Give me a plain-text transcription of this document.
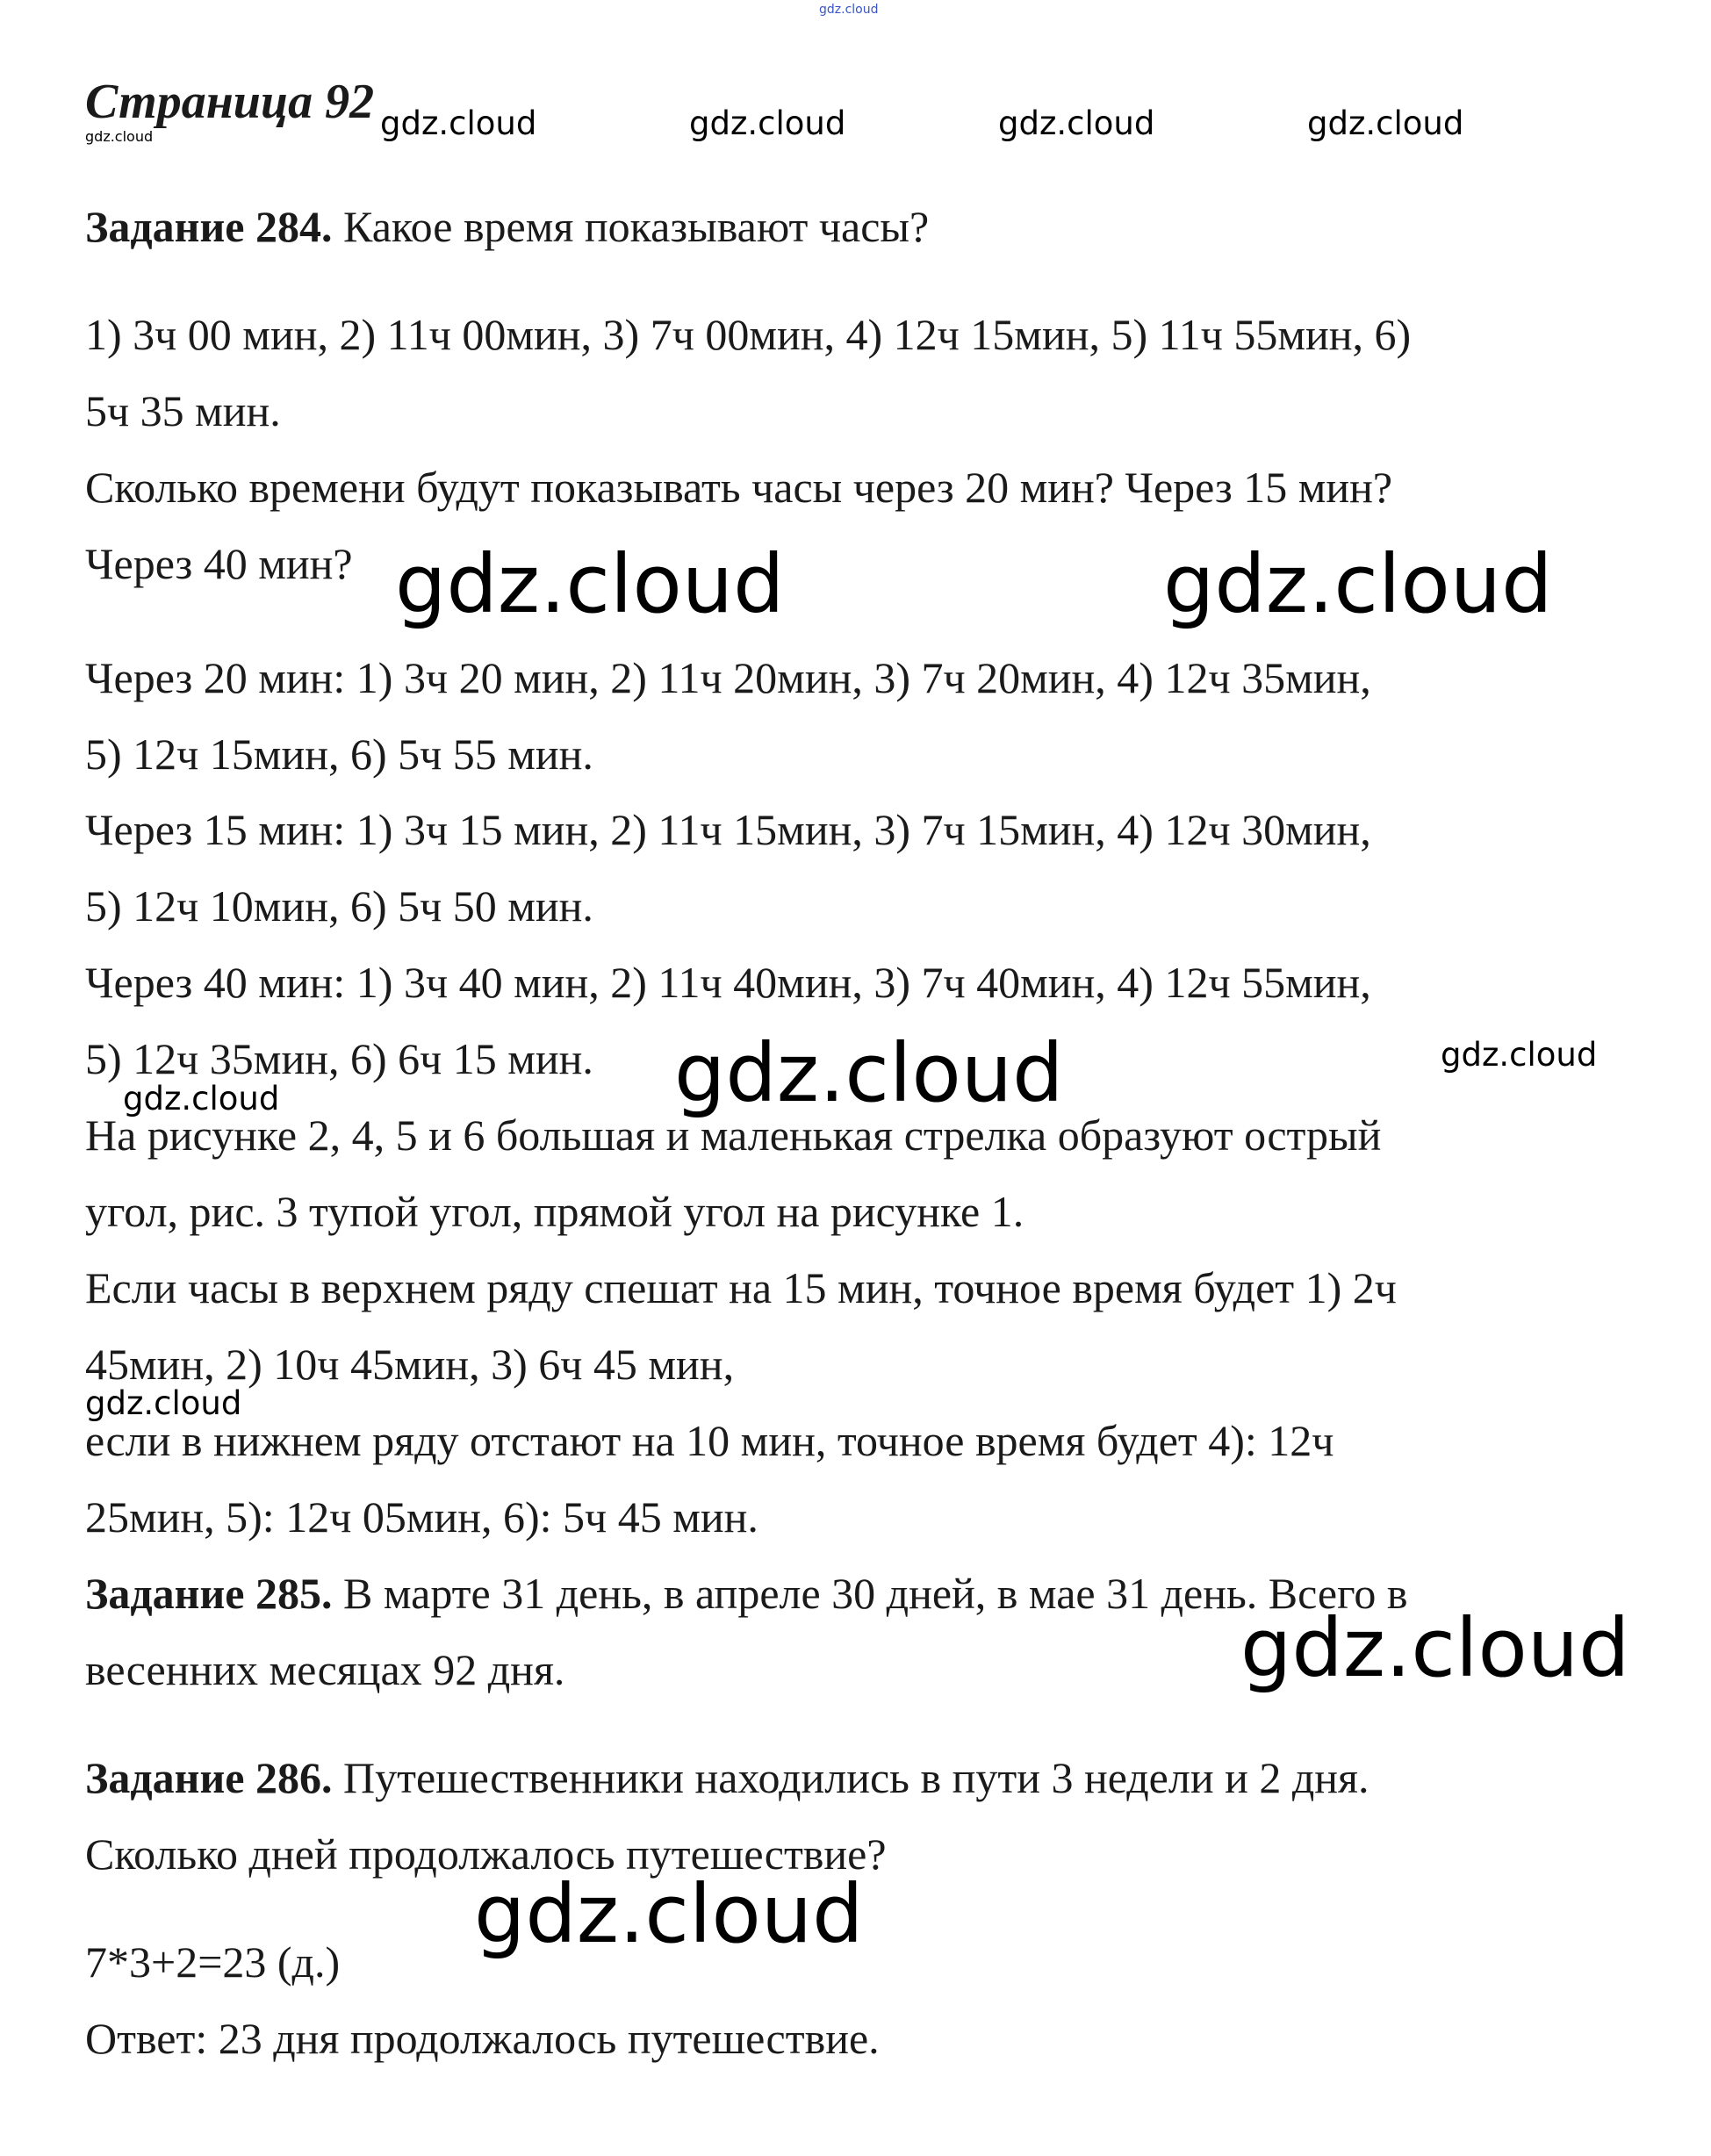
gdz.cloud
gdz.cloud	gdz.cloud	gdz.cloud	gdz.cloud	gdz.cloud
gdz.cloud	gdz.cloud
gdz.cloud	gdz.cloud
gdz.cloud
gdz.cloud
gdz.cloud
gdz.cloud
Страница 92
Задание 284. Какое время показывают часы?
1) 3ч 00 мин, 2) 11ч 00мин, 3) 7ч 00мин, 4) 12ч 15мин, 5) 11ч 55мин, 6)
5ч 35 мин.
Сколько времени будут показывать часы через 20 мин? Через 15 мин?
Через 40 мин?
Через 20 мин: 1) 3ч 20 мин, 2) 11ч 20мин, 3) 7ч 20мин, 4) 12ч 35мин,
5) 12ч 15мин, 6) 5ч 55 мин.
Через 15 мин: 1) 3ч 15 мин, 2) 11ч 15мин, 3) 7ч 15мин, 4) 12ч 30мин,
5) 12ч 10мин, 6) 5ч 50 мин.
Через 40 мин: 1) 3ч 40 мин, 2) 11ч 40мин, 3) 7ч 40мин, 4) 12ч 55мин,
5) 12ч 35мин, 6) 6ч 15 мин.
На рисунке 2, 4, 5 и 6 большая и маленькая стрелка образуют острый
угол, рис. 3 тупой угол, прямой угол на рисунке 1.
Если часы в верхнем ряду спешат на 15 мин, точное время будет 1) 2ч
45мин, 2) 10ч 45мин, 3) 6ч 45 мин,
если в нижнем ряду отстают на 10 мин, точное время будет 4): 12ч
25мин, 5): 12ч 05мин, 6): 5ч 45 мин.
Задание 285. В марте 31 день, в апреле 30 дней, в мае 31 день. Всего в
весенних месяцах 92 дня.
Задание 286. Путешественники находились в пути 3 недели и 2 дня.
Сколько дней продолжалось путешествие?
7*3+2=23 (д.)
Ответ: 23 дня продолжалось путешествие.
